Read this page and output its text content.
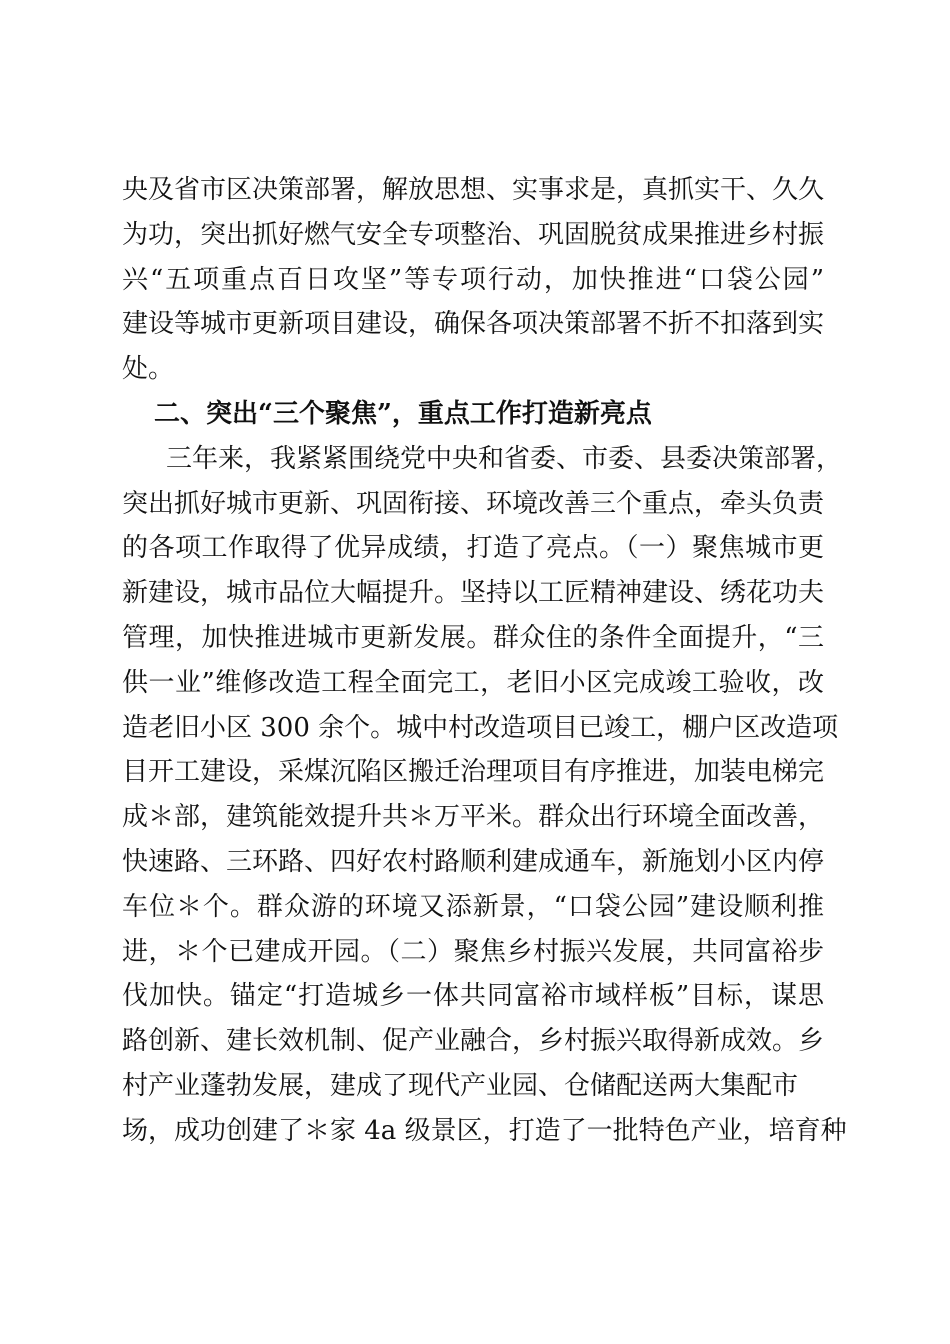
央及省市区决策部署，解放思想、实事求是，真抓实干、久久
为功，突出抓好燃气安全专项整治、巩固脱贫成果推进乡村振
兴“五项重点百日攻坚”等专项行动，加快推进“口袋公园”
建设等城市更新项目建设，确保各项决策部署不折不扣落到实
处。
二、突出“三个聚焦”，重点工作打造新亮点
三年来，我紧紧围绕党中央和省委、市委、县委决策部署，
突出抓好城市更新、巩固衔接、环境改善三个重点，牵头负责
的各项工作取得了优异成绩，打造了亮点。（一）聚焦城市更
新建设，城市品位大幅提升。坚持以工匠精神建设、绣花功夫
管理，加快推进城市更新发展。群众住的条件全面提升，“三
供一业”维修改造工程全面完工，老旧小区完成竣工验收，改
造老旧小区 300 余个。城中村改造项目已竣工，棚户区改造项
目开工建设，采煤沉陷区搬迁治理项目有序推进，加装电梯完
成＊部，建筑能效提升共＊万平米。群众出行环境全面改善，
快速路、三环路、四好农村路顺利建成通车，新施划小区内停
车位＊个。群众游的环境又添新景，“口袋公园”建设顺利推
进，＊个已建成开园。（二）聚焦乡村振兴发展，共同富裕步
伐加快。锚定“打造城乡一体共同富裕市域样板”目标，谋思
路创新、建长效机制、促产业融合，乡村振兴取得新成效。乡
村产业蓬勃发展，建成了现代产业园、仓储配送两大集配市
场，成功创建了＊家 4a 级景区，打造了一批特色产业，培育种
